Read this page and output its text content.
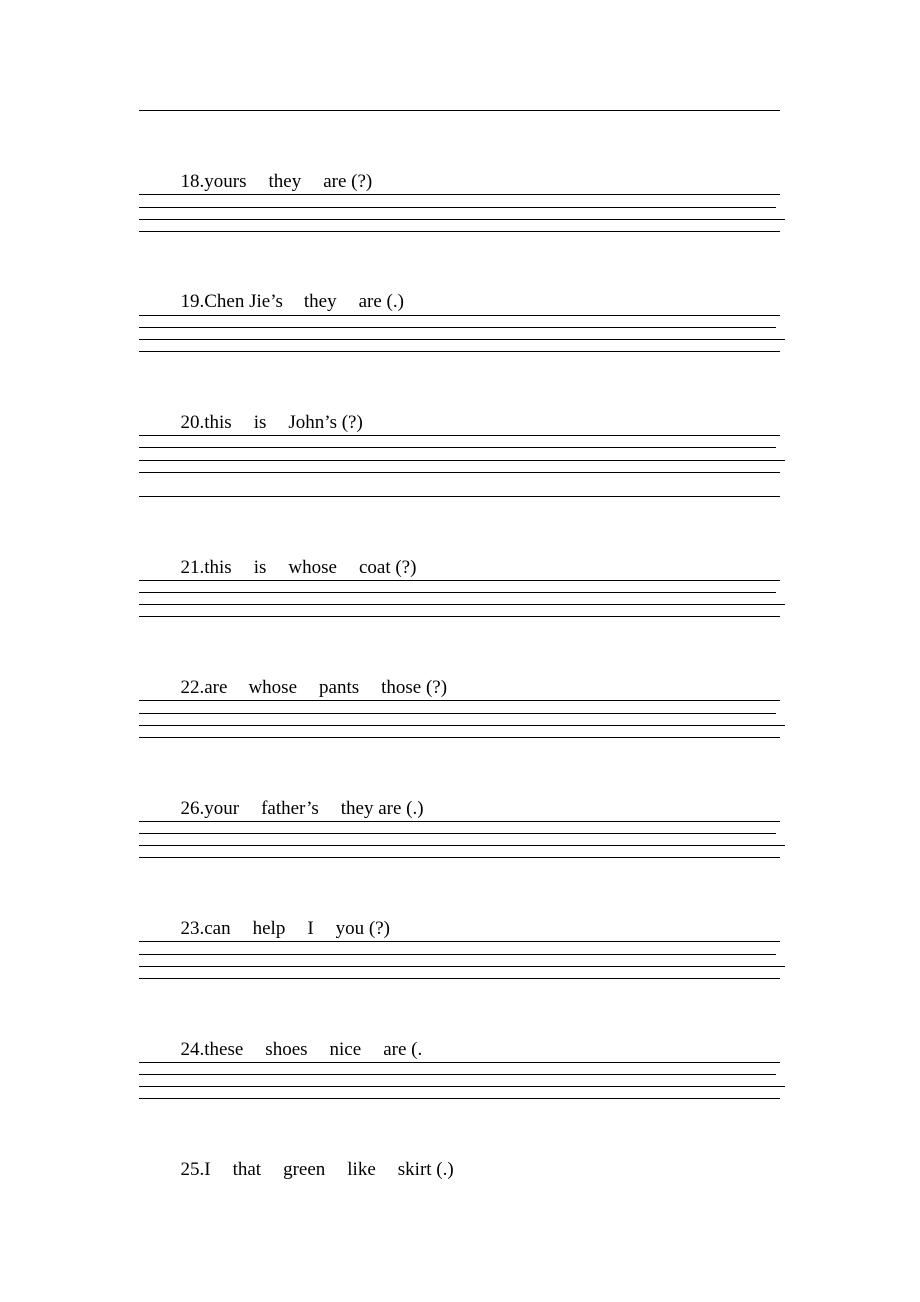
18.yours they are (?)

19.Chen Jie’s they are (.)

20.this is John’s (?)

21.this is whose coat (?)

22.are whose pants those (?)

26.your father’s they are (.)

23.can help I you (?)

24.these shoes nice are (.

25.I that green like skirt (.)
